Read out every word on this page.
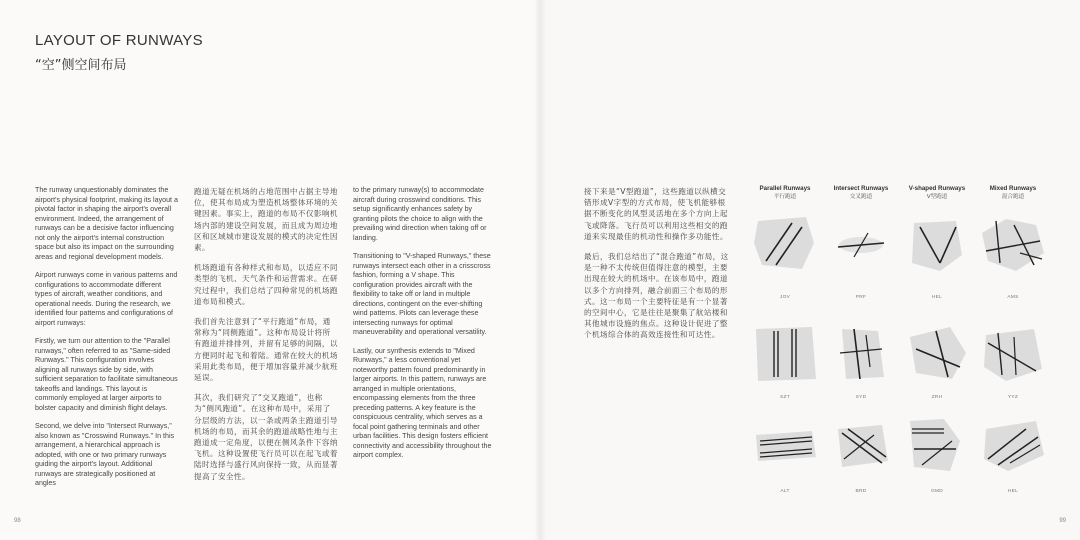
LAYOUT OF RUNWAYS
“空”侧空间布局

The runway unquestionably dominates the airport's physical footprint, making its layout a pivotal factor in shaping the airport's overall environment. Indeed, the arrangement of runways can be a decisive factor influencing not only the airport's internal construction space but also its impact on the surrounding areas and regional development models.

Airport runways come in various patterns and configurations to accommodate different types of aircraft, weather conditions, and operational needs. During the research, we identified four patterns and configurations of airport runways:

Firstly, we turn our attention to the "Parallel runways," often referred to as "Same-sided Runways." This configuration involves aligning all runways side by side, with sufficient separation to facilitate simultaneous takeoffs and landings. This layout is commonly employed at larger airports to bolster capacity and diminish flight delays.

Second, we delve into "Intersect Runways," also known as "Crosswind Runways." In this arrangement, a hierarchical approach is adopted, with one or two primary runways guiding the airport's layout. Additional runways are strategically positioned at angles

跑道无疑在机场的占地范围中占据主导地位，使其布局成为塑造机场整体环境的关键因素。事实上，跑道的布局不仅影响机场内部的建设空间发展，而且成为周边地区和区域城市建设发展的模式的决定性因素。

机场跑道有各种样式和布局，以适应不同类型的飞机、天气条件和运营需求。在研究过程中，我们总结了四种常见的机场跑道布局和模式。

我们首先注意到了“平行跑道”布局，通常称为“同侧跑道”。这种布局设计将所有跑道并排排列，并留有足够的间隔，以方便同时起飞和着陆。通常在较大的机场采用此类布局，便于增加容量并减少航班延误。

其次，我们研究了“交叉跑道”，也称为“侧风跑道”。在这种布局中，采用了分层级的方法，以一条或两条主跑道引导机场的布局，而其余的跑道战略性地与主跑道成一定角度，以便在侧风条件下容纳飞机。这种设置使飞行员可以在起飞或着陆时选择与盛行风向保持一致，从而显著提高了安全性。

to the primary runway(s) to accommodate aircraft during crosswind conditions. This setup significantly enhances safety by granting pilots the choice to align with the prevailing wind direction when taking off or landing.

Transitioning to "V-shaped Runways," these runways intersect each other in a crisscross fashion, forming a V shape. This configuration provides aircraft with the flexibility to take off or land in multiple directions, contingent on the ever-shifting wind patterns. Pilots can leverage these intersecting runways for optimal maneuverability and operational versatility.

Lastly, our synthesis extends to "Mixed Runways," a less conventional yet noteworthy pattern found predominantly in larger airports. In this pattern, runways are arranged in multiple orientations, encompassing elements from the three preceding patterns. A key feature is the conspicuous centrality, which serves as a focal point gathering terminals and other urban facilities. This design fosters efficient connectivity and accessibility throughout the airport complex.

接下来是“V型跑道”，这些跑道以纵横交错形成V字型的方式布局，使飞机能够根据不断变化的风型灵活地在多个方向上起飞或降落。飞行员可以利用这些相交的跑道来实现最佳的机动性和操作多功能性。

最后，我们总结出了“混合跑道”布局，这是一种不太传统但值得注意的模型，主要出现在较大的机场中。在该布局中，跑道以多个方向排列，融合前面三个布局的形式。这一布局一个主要特征是有一个显著的空间中心，它是往往是聚集了航站楼和其他城市设施的焦点。这种设计促进了整个机场综合体的高效连接性和可达性。

98	99
Parallel Runways
平行跑道
Intersect Runways
交叉跑道
V-shaped Runways
V型跑道
Mixed Runways
混合跑道
JOV	PRF	HEL	AMS
SZT	SYD	ZRH	YYZ
ALT	BRD	GMD	HEL
